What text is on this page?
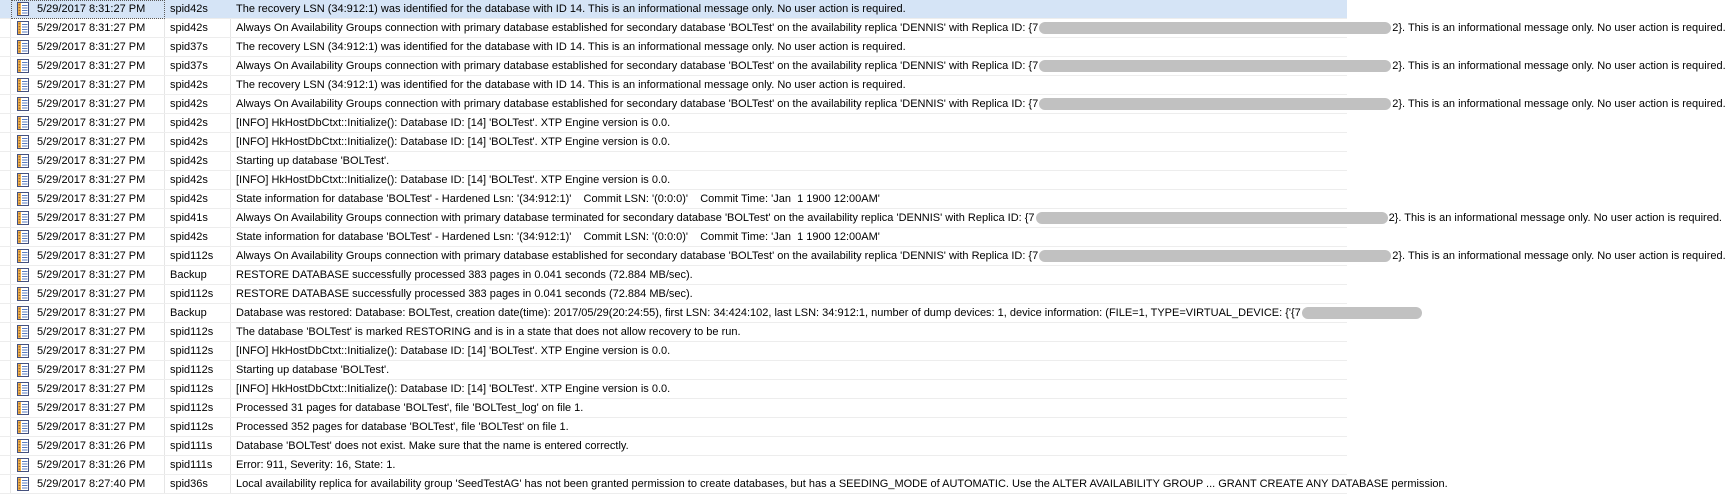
5/29/2017 8:31:27 PM	spid42s	The recovery LSN (34:912:1) was identified for the database with ID 14. This is an informational message only. No user action is required.
5/29/2017 8:31:27 PM	spid42s	Always On Availability Groups connection with primary database established for secondary database 'BOLTest' on the availability replica 'DENNIS' with Replica ID: {7	2}. This is an informational message only. No user action is required.
5/29/2017 8:31:27 PM	spid37s	The recovery LSN (34:912:1) was identified for the database with ID 14. This is an informational message only. No user action is required.
5/29/2017 8:31:27 PM	spid37s	Always On Availability Groups connection with primary database established for secondary database 'BOLTest' on the availability replica 'DENNIS' with Replica ID: {7	2}. This is an informational message only. No user action is required.
5/29/2017 8:31:27 PM	spid42s	The recovery LSN (34:912:1) was identified for the database with ID 14. This is an informational message only. No user action is required.
5/29/2017 8:31:27 PM	spid42s	Always On Availability Groups connection with primary database established for secondary database 'BOLTest' on the availability replica 'DENNIS' with Replica ID: {7	2}. This is an informational message only. No user action is required.
5/29/2017 8:31:27 PM	spid42s	[INFO] HkHostDbCtxt::Initialize(): Database ID: [14] 'BOLTest'. XTP Engine version is 0.0.
5/29/2017 8:31:27 PM	spid42s	[INFO] HkHostDbCtxt::Initialize(): Database ID: [14] 'BOLTest'. XTP Engine version is 0.0.
5/29/2017 8:31:27 PM	spid42s	Starting up database 'BOLTest'.
5/29/2017 8:31:27 PM	spid42s	[INFO] HkHostDbCtxt::Initialize(): Database ID: [14] 'BOLTest'. XTP Engine version is 0.0.
5/29/2017 8:31:27 PM	spid42s	State information for database 'BOLTest' - Hardened Lsn: '(34:912:1)'    Commit LSN: '(0:0:0)'    Commit Time: 'Jan  1 1900 12:00AM'
5/29/2017 8:31:27 PM	spid41s	Always On Availability Groups connection with primary database terminated for secondary database 'BOLTest' on the availability replica 'DENNIS' with Replica ID: {7	2}. This is an informational message only. No user action is required.
5/29/2017 8:31:27 PM	spid42s	State information for database 'BOLTest' - Hardened Lsn: '(34:912:1)'    Commit LSN: '(0:0:0)'    Commit Time: 'Jan  1 1900 12:00AM'
5/29/2017 8:31:27 PM	spid112s	Always On Availability Groups connection with primary database established for secondary database 'BOLTest' on the availability replica 'DENNIS' with Replica ID: {7	2}. This is an informational message only. No user action is required.
5/29/2017 8:31:27 PM	Backup	RESTORE DATABASE successfully processed 383 pages in 0.041 seconds (72.884 MB/sec).
5/29/2017 8:31:27 PM	spid112s	RESTORE DATABASE successfully processed 383 pages in 0.041 seconds (72.884 MB/sec).
5/29/2017 8:31:27 PM	Backup	Database was restored: Database: BOLTest, creation date(time): 2017/05/29(20:24:55), first LSN: 34:424:102, last LSN: 34:912:1, number of dump devices: 1, device information: (FILE=1, TYPE=VIRTUAL_DEVICE: {'{7
5/29/2017 8:31:27 PM	spid112s	The database 'BOLTest' is marked RESTORING and is in a state that does not allow recovery to be run.
5/29/2017 8:31:27 PM	spid112s	[INFO] HkHostDbCtxt::Initialize(): Database ID: [14] 'BOLTest'. XTP Engine version is 0.0.
5/29/2017 8:31:27 PM	spid112s	Starting up database 'BOLTest'.
5/29/2017 8:31:27 PM	spid112s	[INFO] HkHostDbCtxt::Initialize(): Database ID: [14] 'BOLTest'. XTP Engine version is 0.0.
5/29/2017 8:31:27 PM	spid112s	Processed 31 pages for database 'BOLTest', file 'BOLTest_log' on file 1.
5/29/2017 8:31:27 PM	spid112s	Processed 352 pages for database 'BOLTest', file 'BOLTest' on file 1.
5/29/2017 8:31:26 PM	spid111s	Database 'BOLTest' does not exist. Make sure that the name is entered correctly.
5/29/2017 8:31:26 PM	spid111s	Error: 911, Severity: 16, State: 1.
5/29/2017 8:27:40 PM	spid36s	Local availability replica for availability group 'SeedTestAG' has not been granted permission to create databases, but has a SEEDING_MODE of AUTOMATIC. Use the ALTER AVAILABILITY GROUP ... GRANT CREATE ANY DATABASE permission.
